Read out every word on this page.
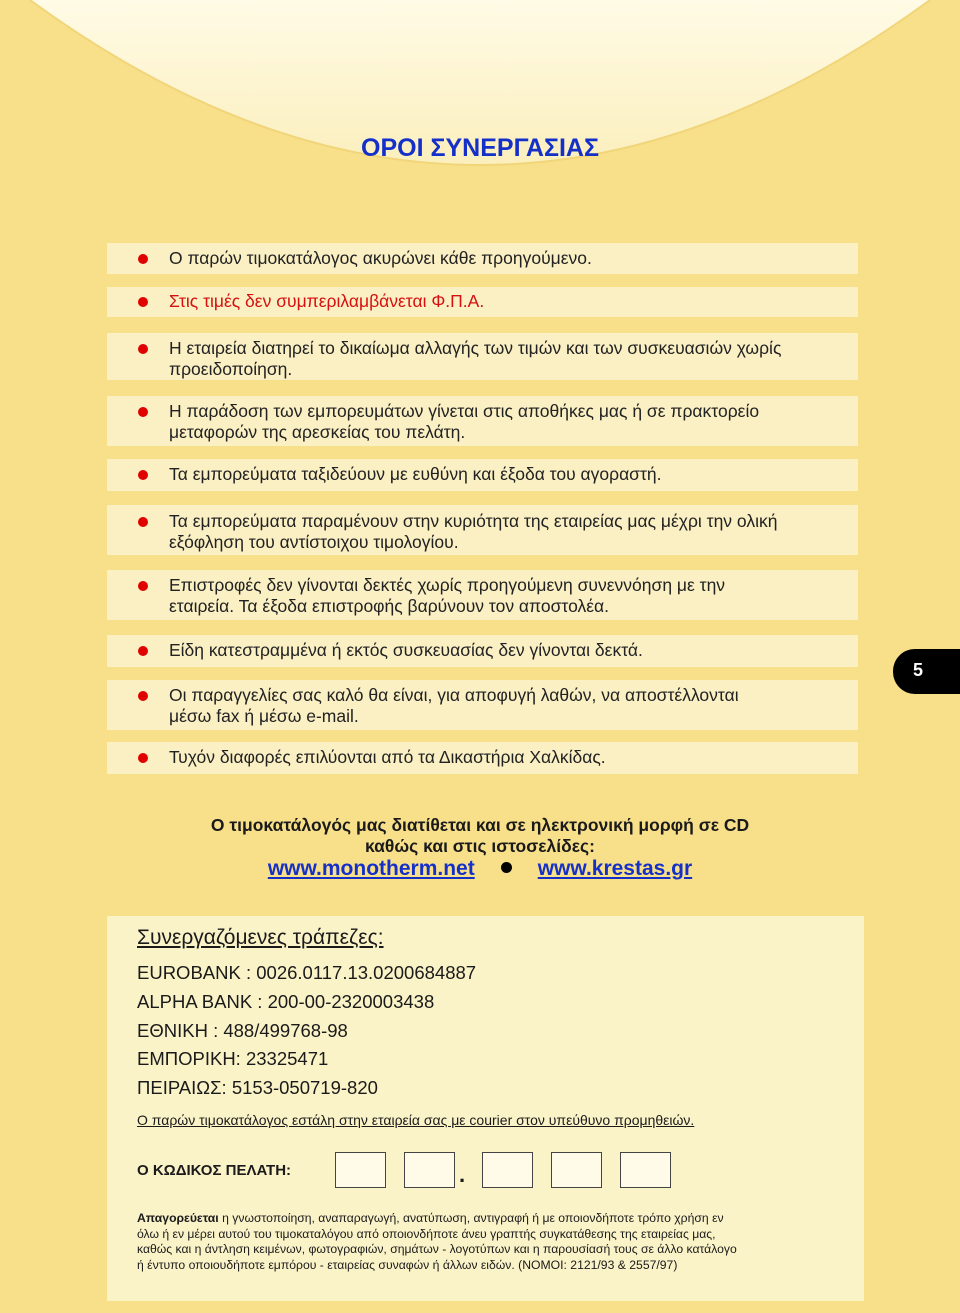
ΟΡΟΙ ΣΥΝΕΡΓΑΣΙΑΣ
Ο παρών τιμοκατάλογος ακυρώνει κάθε προηγούμενο.
Στις τιμές δεν συμπεριλαμβάνεται Φ.Π.Α.
Η εταιρεία διατηρεί το δικαίωμα αλλαγής των τιμών και των συσκευασιών χωρίς
προειδοποίηση.
Η παράδοση των εμπορευμάτων γίνεται στις αποθήκες μας ή σε πρακτορείο
μεταφορών της αρεσκείας του πελάτη.
Τα εμπορεύματα ταξιδεύουν με ευθύνη και έξοδα του αγοραστή.
Τα εμπορεύματα παραμένουν στην κυριότητα της εταιρείας μας μέχρι την ολική
εξόφληση του αντίστοιχου τιμολογίου.
Επιστροφές δεν γίνονται δεκτές χωρίς προηγούμενη συνεννόηση με την
εταιρεία. Τα έξοδα επιστροφής βαρύνουν τον αποστολέα.
Είδη κατεστραμμένα ή εκτός συσκευασίας δεν γίνονται δεκτά.
Οι παραγγελίες σας καλό θα είναι, για αποφυγή λαθών, να αποστέλλονται
μέσω fax ή μέσω e-mail.
Τυχόν διαφορές επιλύονται από τα Δικαστήρια Χαλκίδας.
5
Ο τιμοκατάλογός μας διατίθεται και σε ηλεκτρονική μορφή σε CD
καθώς και στις ιστοσελίδες:
www.monotherm.net	www.krestas.gr
Συνεργαζόμενες τράπεζες:
EUROBANK : 0026.0117.13.0200684887
ALPHA BANK : 200-00-2320003438
ΕΘΝΙΚΗ : 488/499768-98
ΕΜΠΟΡΙΚΗ: 23325471
ΠΕΙΡΑΙΩΣ: 5153-050719-820
Ο παρών τιμοκατάλογος εστάλη στην εταιρεία σας με courier στον υπεύθυνο προμηθειών.
Ο ΚΩΔΙΚΟΣ ΠΕΛΑΤΗ:	.
Απαγορεύεται η γνωστοποίηση, αναπαραγωγή, ανατύπωση, αντιγραφή ή με οποιονδήποτε τρόπο χρήση εν
όλω ή εν μέρει αυτού του τιμοκαταλόγου από οποιονδήποτε άνευ γραπτής συγκατάθεσης της εταιρείας μας,
καθώς και η άντληση κειμένων, φωτογραφιών, σημάτων - λογοτύπων και η παρουσίασή τους σε άλλο κατάλογο
ή έντυπο οποιουδήποτε εμπόρου - εταιρείας συναφών ή άλλων ειδών. (ΝΟΜΟΙ: 2121/93 & 2557/97)
